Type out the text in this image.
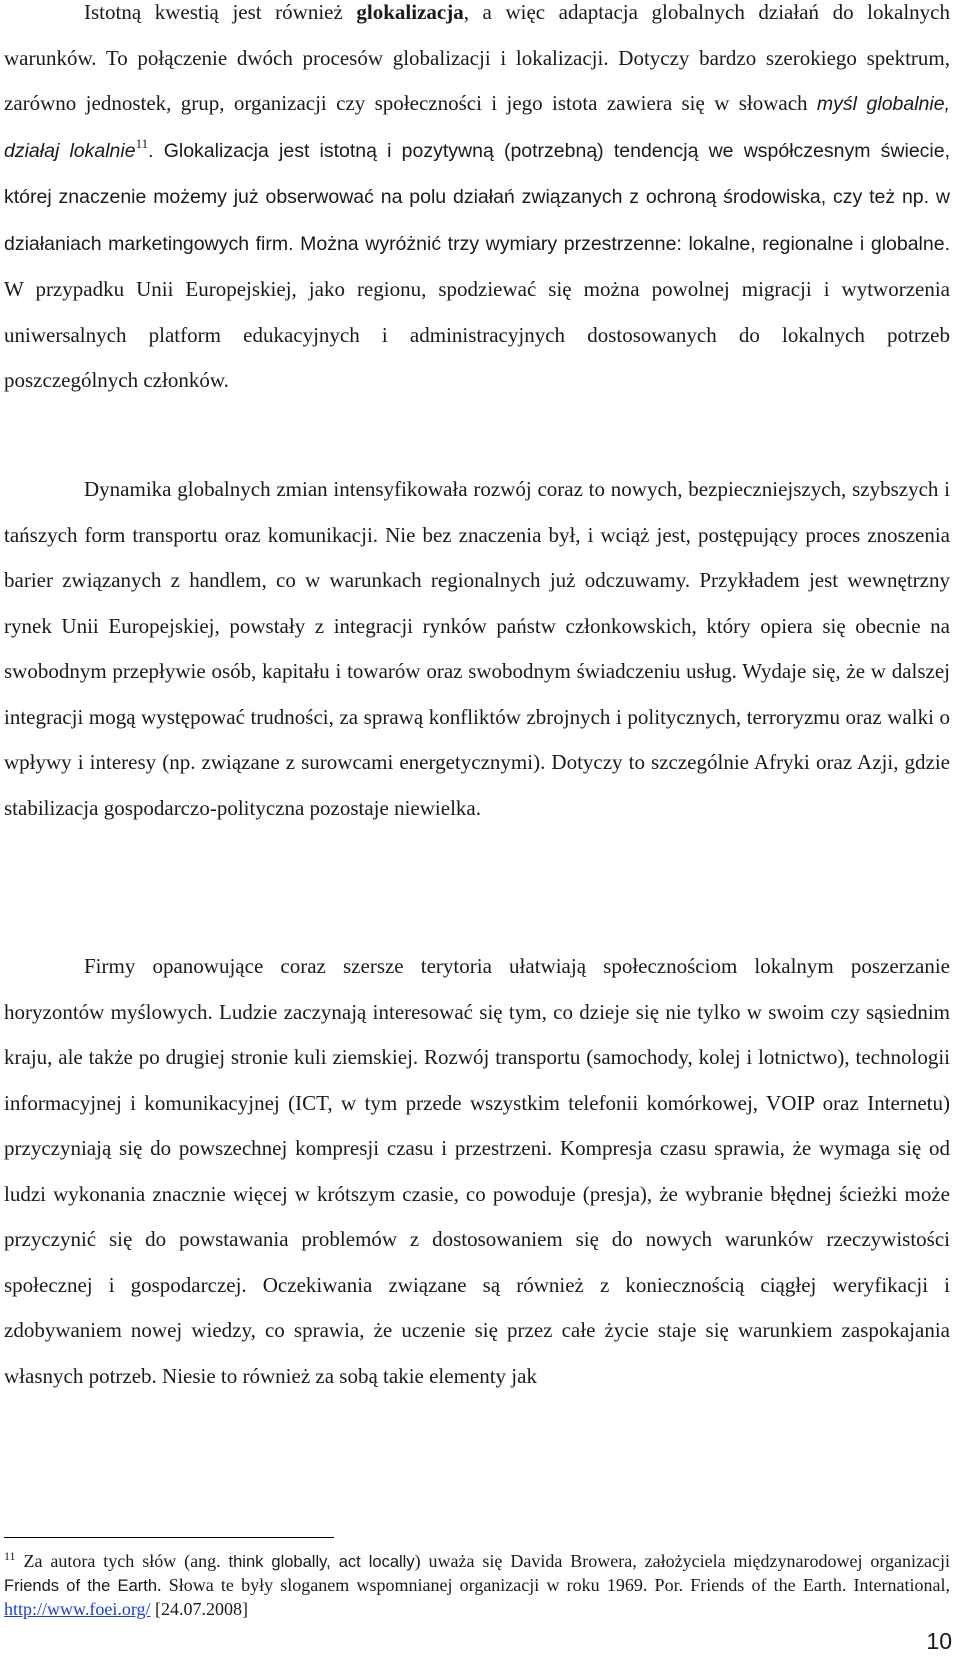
Istotną kwestią jest również glokalizacja, a więc adaptacja globalnych działań do lokalnych warunków. To połączenie dwóch procesów globalizacji i lokalizacji. Dotyczy bardzo szerokiego spektrum, zarówno jednostek, grup, organizacji czy społeczności i jego istota zawiera się w słowach myśl globalnie, działaj lokalnie$^{11}$. Glokalizacja jest istotną i pozytywną (potrzebną) tendencją we współczesnym świecie, której znaczenie możemy już obserwować na polu działań związanych z ochroną środowiska, czy też np. w działaniach marketingowych firm. Można wyróżnić trzy wymiary przestrzenne: lokalne, regionalne i globalne. W przypadku Unii Europejskiej, jako regionu, spodziewać się można powolnej migracji i wytworzenia uniwersalnych platform edukacyjnych i administracyjnych dostosowanych do lokalnych potrzeb poszczególnych członków.

Dynamika globalnych zmian intensyfikowała rozwój coraz to nowych, bezpieczniejszych, szybszych i tańszych form transportu oraz komunikacji. Nie bez znaczenia był, i wciąż jest, postępujący proces znoszenia barier związanych z handlem, co w warunkach regionalnych już odczuwamy. Przykładem jest wewnętrzny rynek Unii Europejskiej, powstały z integracji rynków państw członkowskich, który opiera się obecnie na swobodnym przepływie osób, kapitału i towarów oraz swobodnym świadczeniu usług. Wydaje się, że w dalszej integracji mogą występować trudności, za sprawą konfliktów zbrojnych i politycznych, terroryzmu oraz walki o wpływy i interesy (np. związane z surowcami energetycznymi). Dotyczy to szczególnie Afryki oraz Azji, gdzie stabilizacja gospodarczo-polityczna pozostaje niewielka.

Firmy opanowujące coraz szersze terytoria ułatwiają społecznościom lokalnym poszerzanie horyzontów myślowych. Ludzie zaczynają interesować się tym, co dzieje się nie tylko w swoim czy sąsiednim kraju, ale także po drugiej stronie kuli ziemskiej. Rozwój transportu (samochody, kolej i lotnictwo), technologii informacyjnej i komunikacyjnej (ICT, w tym przede wszystkim telefonii komórkowej, VOIP oraz Internetu) przyczyniają się do powszechnej kompresji czasu i przestrzeni. Kompresja czasu sprawia, że wymaga się od ludzi wykonania znacznie więcej w krótszym czasie, co powoduje (presja), że wybranie błędnej ścieżki może przyczynić się do powstawania problemów z dostosowaniem się do nowych warunków rzeczywistości społecznej i gospodarczej. Oczekiwania związane są również z koniecznością ciągłej weryfikacji i zdobywaniem nowej wiedzy, co sprawia, że uczenie się przez całe życie staje się warunkiem zaspokajania własnych potrzeb. Niesie to również za sobą takie elementy jak

$^{11}$ Za autora tych słów (ang. think globally, act locally) uważa się Davida Browera, założyciela międzynarodowej organizacji Friends of the Earth. Słowa te były sloganem wspomnianej organizacji w roku 1969. Por. Friends of the Earth. International, http://www.foei.org/ [24.07.2008]

10
